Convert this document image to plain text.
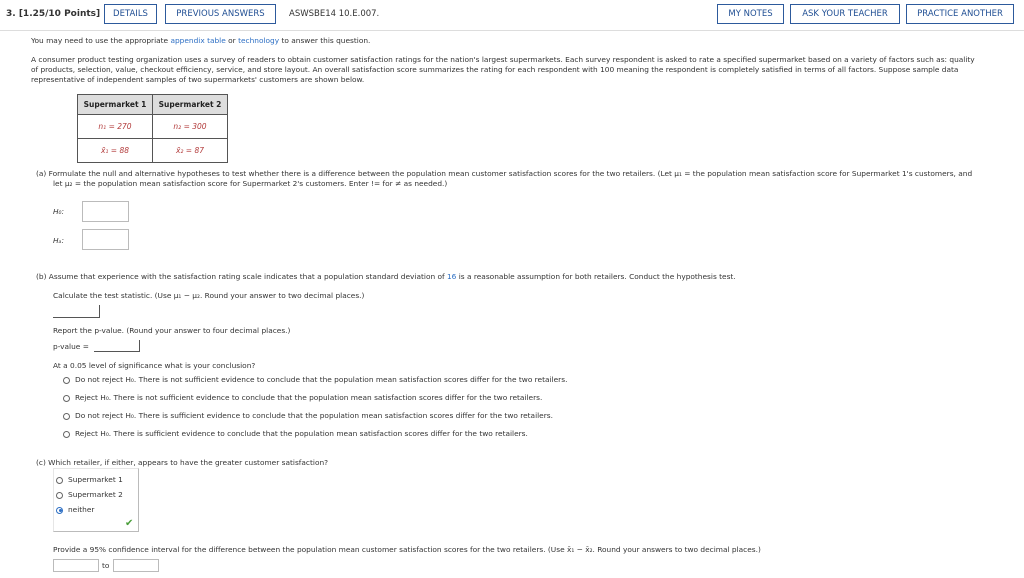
3. [1.25/10 Points]	DETAILS	PREVIOUS ANSWERS	ASWSBE14 10.E.007.	MY NOTES	ASK YOUR TEACHER	PRACTICE ANOTHER
You may need to use the appropriate appendix table or technology to answer this question.
A consumer product testing organization uses a survey of readers to obtain customer satisfaction ratings for the nation's largest supermarkets. Each survey respondent is asked to rate a specified supermarket based on a variety of factors such as: quality
of products, selection, value, checkout efficiency, service, and store layout. An overall satisfaction score summarizes the rating for each respondent with 100 meaning the respondent is completely satisfied in terms of all factors. Suppose sample data
representative of independent samples of two supermarkets' customers are shown below.
Supermarket 1	Supermarket 2
n₁ = 270	n₂ = 300
x̄₁ = 88	x̄₂ = 87
(a) Formulate the null and alternative hypotheses to test whether there is a difference between the population mean customer satisfaction scores for the two retailers. (Let μ₁ = the population mean satisfaction score for Supermarket 1's customers, and
let μ₂ = the population mean satisfaction score for Supermarket 2's customers. Enter != for ≠ as needed.)
H₀:
Hₐ:
(b) Assume that experience with the satisfaction rating scale indicates that a population standard deviation of 16 is a reasonable assumption for both retailers. Conduct the hypothesis test.
Calculate the test statistic. (Use μ₁ − μ₂. Round your answer to two decimal places.)
Report the p-value. (Round your answer to four decimal places.)
p-value =
At a 0.05 level of significance what is your conclusion?
Do not reject H₀. There is not sufficient evidence to conclude that the population mean satisfaction scores differ for the two retailers.
Reject H₀. There is not sufficient evidence to conclude that the population mean satisfaction scores differ for the two retailers.
Do not reject H₀. There is sufficient evidence to conclude that the population mean satisfaction scores differ for the two retailers.
Reject H₀. There is sufficient evidence to conclude that the population mean satisfaction scores differ for the two retailers.
(c) Which retailer, if either, appears to have the greater customer satisfaction?
Supermarket 1
Supermarket 2
neither
✔
Provide a 95% confidence interval for the difference between the population mean customer satisfaction scores for the two retailers. (Use x̄₁ − x̄₂. Round your answers to two decimal places.)
to
